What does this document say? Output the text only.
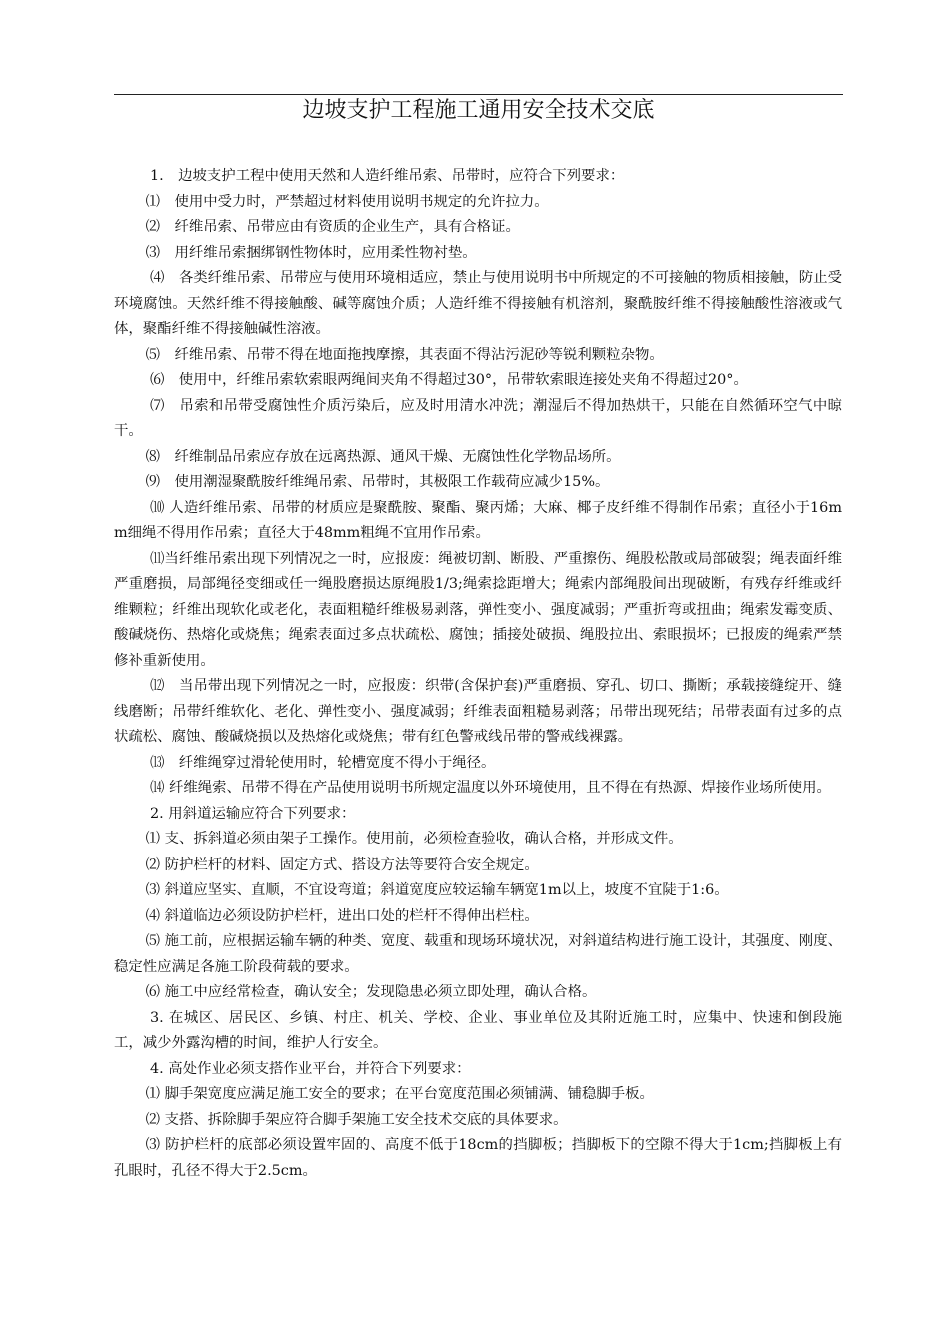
边坡支护工程施工通用安全技术交底

1.　边坡支护工程中使用天然和人造纤维吊索、吊带时，应符合下列要求：

⑴　使用中受力时，严禁超过材料使用说明书规定的允许拉力。

⑵　纤维吊索、吊带应由有资质的企业生产，具有合格证。

⑶　用纤维吊索捆绑钢性物体时，应用柔性物衬垫。

⑷　各类纤维吊索、吊带应与使用环境相适应，禁止与使用说明书中所规定的不可接触的物质相接触，防止受环境腐蚀。天然纤维不得接触酸、碱等腐蚀介质；人造纤维不得接触有机溶剂，聚酰胺纤维不得接触酸性溶液或气体，聚酯纤维不得接触碱性溶液。

⑸　纤维吊索、吊带不得在地面拖拽摩擦，其表面不得沾污泥砂等锐利颗粒杂物。

⑹　使用中，纤维吊索软索眼两绳间夹角不得超过30°，吊带软索眼连接处夹角不得超过20°。

⑺　吊索和吊带受腐蚀性介质污染后，应及时用清水冲洗；潮湿后不得加热烘干，只能在自然循环空气中晾干。

⑻　纤维制品吊索应存放在远离热源、通风干燥、无腐蚀性化学物品场所。

⑼　使用潮湿聚酰胺纤维绳吊索、吊带时，其极限工作载荷应减少15%。

⑽ 人造纤维吊索、吊带的材质应是聚酰胺、聚酯、聚丙烯；大麻、椰子皮纤维不得制作吊索；直径小于16mm细绳不得用作吊索；直径大于48mm粗绳不宜用作吊索。

⑾当纤维吊索出现下列情况之一时，应报废：绳被切割、断股、严重擦伤、绳股松散或局部破裂；绳表面纤维严重磨损，局部绳径变细或任一绳股磨损达原绳股1/3;绳索捻距增大；绳索内部绳股间出现破断，有残存纤维或纤维颗粒；纤维出现软化或老化，表面粗糙纤维极易剥落，弹性变小、强度减弱；严重折弯或扭曲；绳索发霉变质、酸碱烧伤、热熔化或烧焦；绳索表面过多点状疏松、腐蚀；插接处破损、绳股拉出、索眼损坏；已报废的绳索严禁修补重新使用。

⑿　当吊带出现下列情况之一时，应报废：织带(含保护套)严重磨损、穿孔、切口、撕断；承载接缝绽开、缝线磨断；吊带纤维软化、老化、弹性变小、强度减弱；纤维表面粗糙易剥落；吊带出现死结；吊带表面有过多的点状疏松、腐蚀、酸碱烧损以及热熔化或烧焦；带有红色警戒线吊带的警戒线裸露。

⒀　纤维绳穿过滑轮使用时，轮槽宽度不得小于绳径。

⒁ 纤维绳索、吊带不得在产品使用说明书所规定温度以外环境使用，且不得在有热源、焊接作业场所使用。

2. 用斜道运输应符合下列要求：

⑴ 支、拆斜道必须由架子工操作。使用前，必须检查验收，确认合格，并形成文件。

⑵ 防护栏杆的材料、固定方式、搭设方法等要符合安全规定。

⑶ 斜道应坚实、直顺，不宜设弯道；斜道宽度应较运输车辆宽1m以上，坡度不宜陡于1:6。

⑷ 斜道临边必须设防护栏杆，进出口处的栏杆不得伸出栏柱。

⑸ 施工前，应根据运输车辆的种类、宽度、载重和现场环境状况，对斜道结构进行施工设计，其强度、刚度、稳定性应满足各施工阶段荷载的要求。

⑹ 施工中应经常检查，确认安全；发现隐患必须立即处理，确认合格。

3. 在城区、居民区、乡镇、村庄、机关、学校、企业、事业单位及其附近施工时，应集中、快速和倒段施工，减少外露沟槽的时间，维护人行安全。

4. 高处作业必须支搭作业平台，并符合下列要求：

⑴ 脚手架宽度应满足施工安全的要求；在平台宽度范围必须铺满、铺稳脚手板。

⑵ 支搭、拆除脚手架应符合脚手架施工安全技术交底的具体要求。

⑶ 防护栏杆的底部必须设置牢固的、高度不低于18cm的挡脚板；挡脚板下的空隙不得大于1cm;挡脚板上有孔眼时，孔径不得大于2.5cm。
